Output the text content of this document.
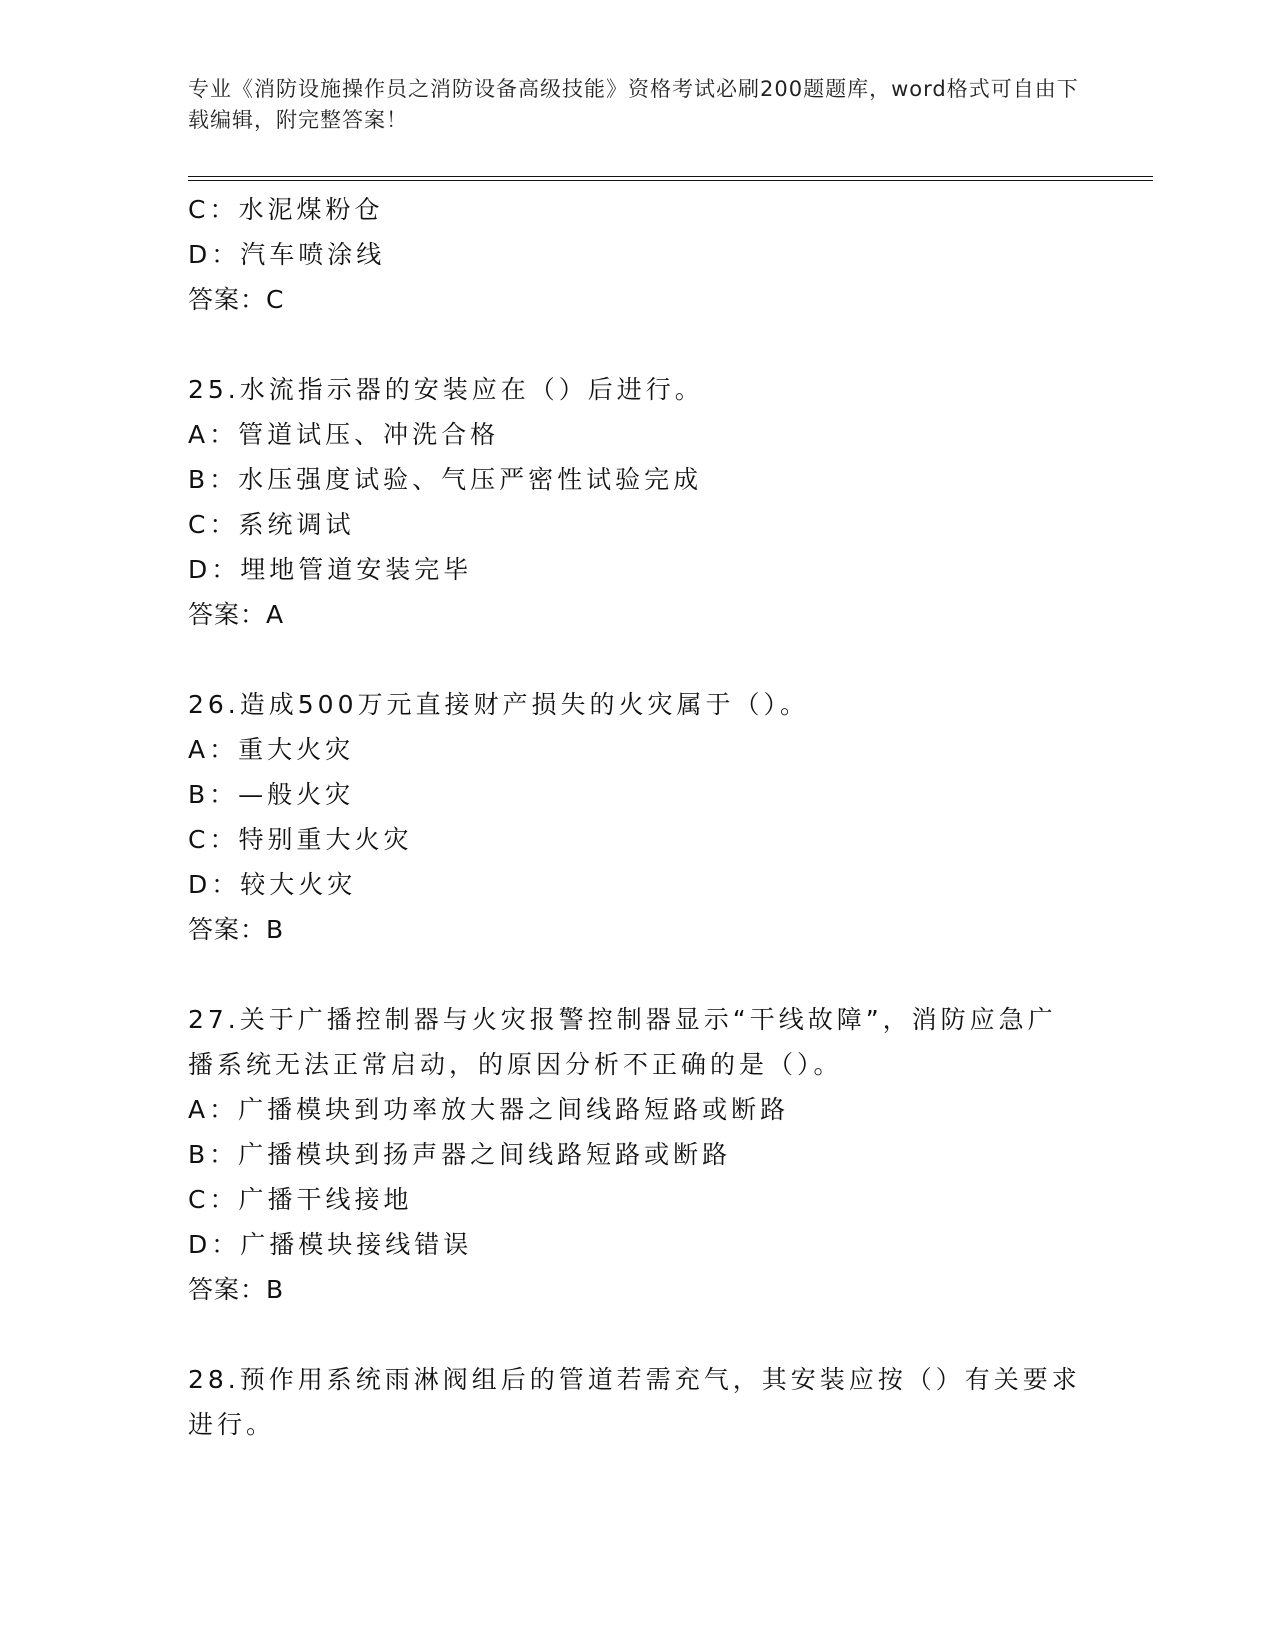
专业《消防设施操作员之消防设备高级技能》资格考试必刷200题题库，word格式可自由下载编辑，附完整答案！
C：水泥煤粉仓
D：汽车喷涂线
答案：C
25.水流指示器的安装应在（）后进行。
A：管道试压、冲洗合格
B：水压强度试验、气压严密性试验完成
C：系统调试
D：埋地管道安装完毕
答案：A
26.造成500万元直接财产损失的火灾属于（）。
A：重大火灾
B：—般火灾
C：特别重大火灾
D：较大火灾
答案：B
27.关于广播控制器与火灾报警控制器显示“干线故障”，消防应急广
播系统无法正常启动，的原因分析不正确的是（）。
A：广播模块到功率放大器之间线路短路或断路
B：广播模块到扬声器之间线路短路或断路
C：广播干线接地
D：广播模块接线错误
答案：B
28.预作用系统雨淋阀组后的管道若需充气，其安装应按（）有关要求
进行。
